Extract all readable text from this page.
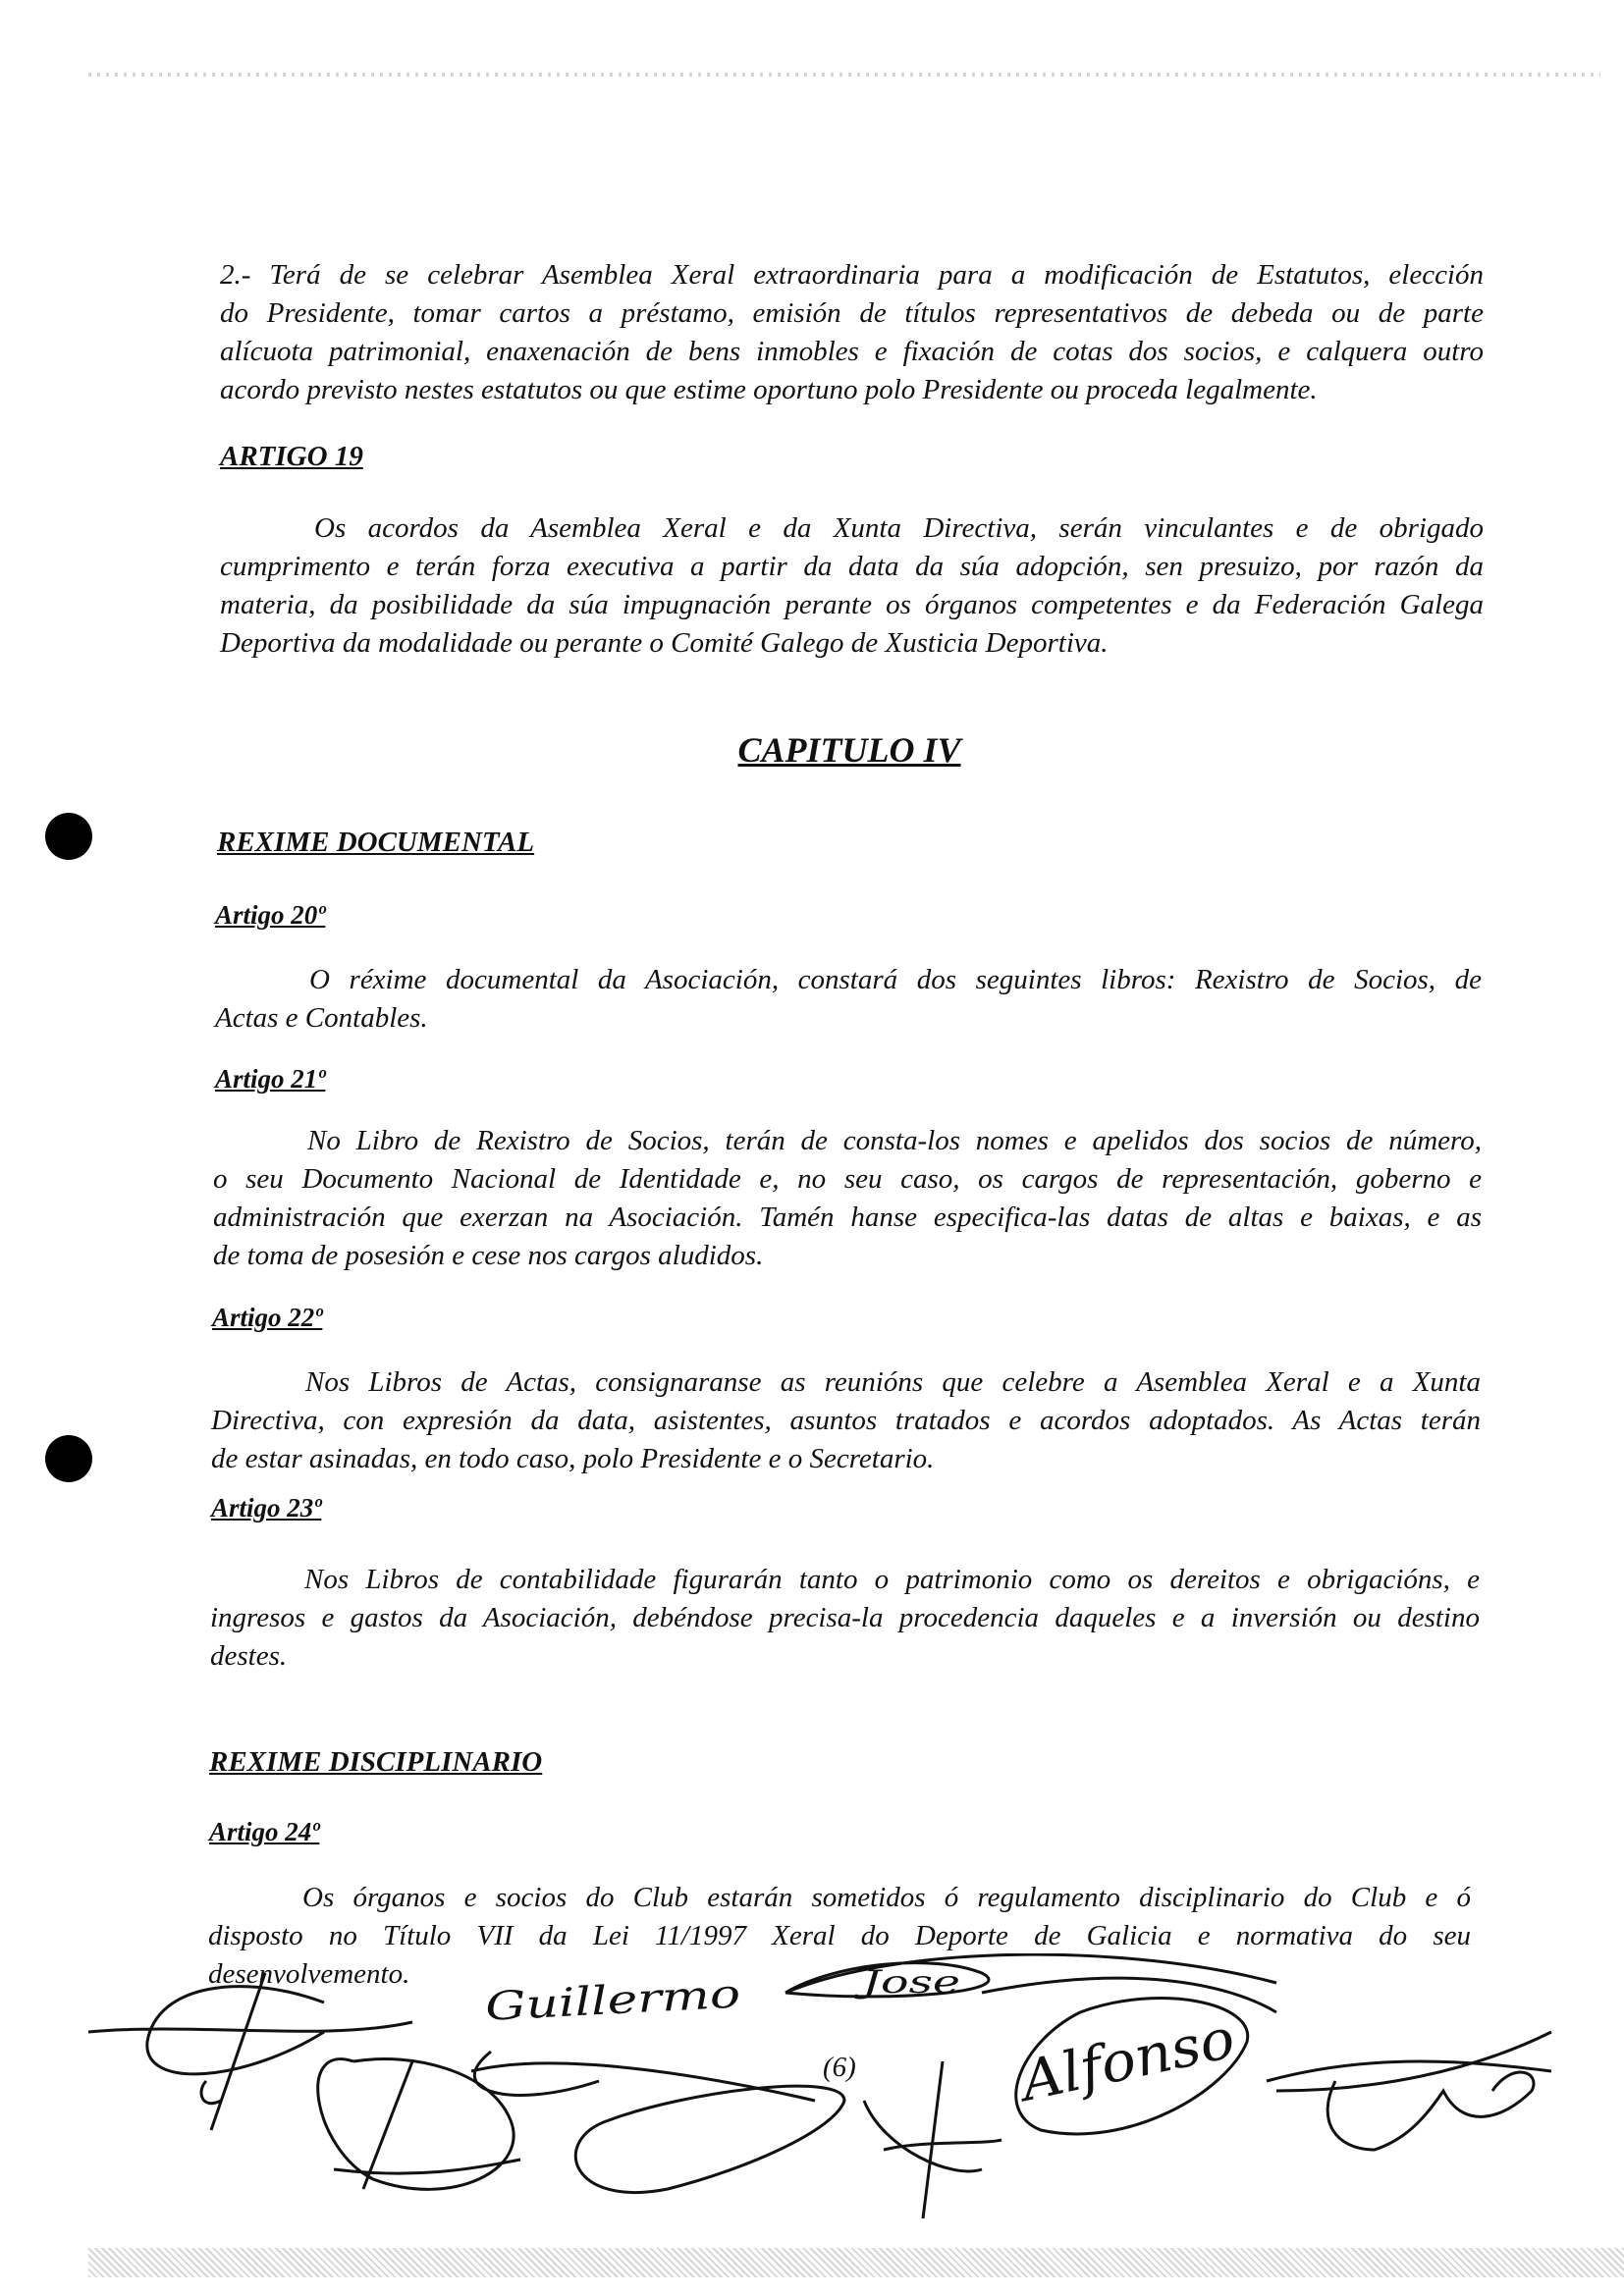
2.- Terá de se celebrar Asemblea Xeral extraordinaria para a modificación de Estatutos, elección
do Presidente, tomar cartos a préstamo, emisión de títulos representativos de debeda ou de parte
alícuota patrimonial, enaxenación de bens inmobles e fixación de cotas dos socios, e calquera outro
acordo previsto nestes estatutos ou que estime oportuno polo Presidente ou proceda legalmente.
ARTIGO 19
Os acordos da Asemblea Xeral e da Xunta Directiva, serán vinculantes e de obrigado
cumprimento e terán forza executiva a partir da data da súa adopción, sen presuizo, por razón da
materia, da posibilidade da súa impugnación perante os órganos competentes e da Federación Galega
Deportiva da modalidade ou perante o Comité Galego de Xusticia Deportiva.
CAPITULO IV
REXIME DOCUMENTAL
Artigo 20º
O réxime documental da Asociación, constará dos seguintes libros: Rexistro de Socios, de
Actas e Contables.
Artigo 21º
No Libro de Rexistro de Socios, terán de consta-los nomes e apelidos dos socios de número,
o seu Documento Nacional de Identidade e, no seu caso, os cargos de representación, goberno e
administración que exerzan na Asociación. Tamén hanse especifica-las datas de altas e baixas, e as
de toma de posesión e cese nos cargos aludidos.
Artigo 22º
Nos Libros de Actas, consignaranse as reunións que celebre a Asemblea Xeral e a Xunta
Directiva, con expresión da data, asistentes, asuntos tratados e acordos adoptados. As Actas terán
de estar asinadas, en todo caso, polo Presidente e o Secretario.
Artigo 23º
Nos Libros de contabilidade figurarán tanto o patrimonio como os dereitos e obrigacións, e
ingresos e gastos da Asociación, debéndose precisa-la procedencia daqueles e a inversión ou destino
destes.
REXIME DISCIPLINARIO
Artigo 24º
Os órganos e socios do Club estarán sometidos ó regulamento disciplinario do Club e ó
disposto no Título VII da Lei 11/1997 Xeral do Deporte de Galicia e normativa do seu
desenvolvemento.
(6)
Guillermo	Jose
Alfonso
